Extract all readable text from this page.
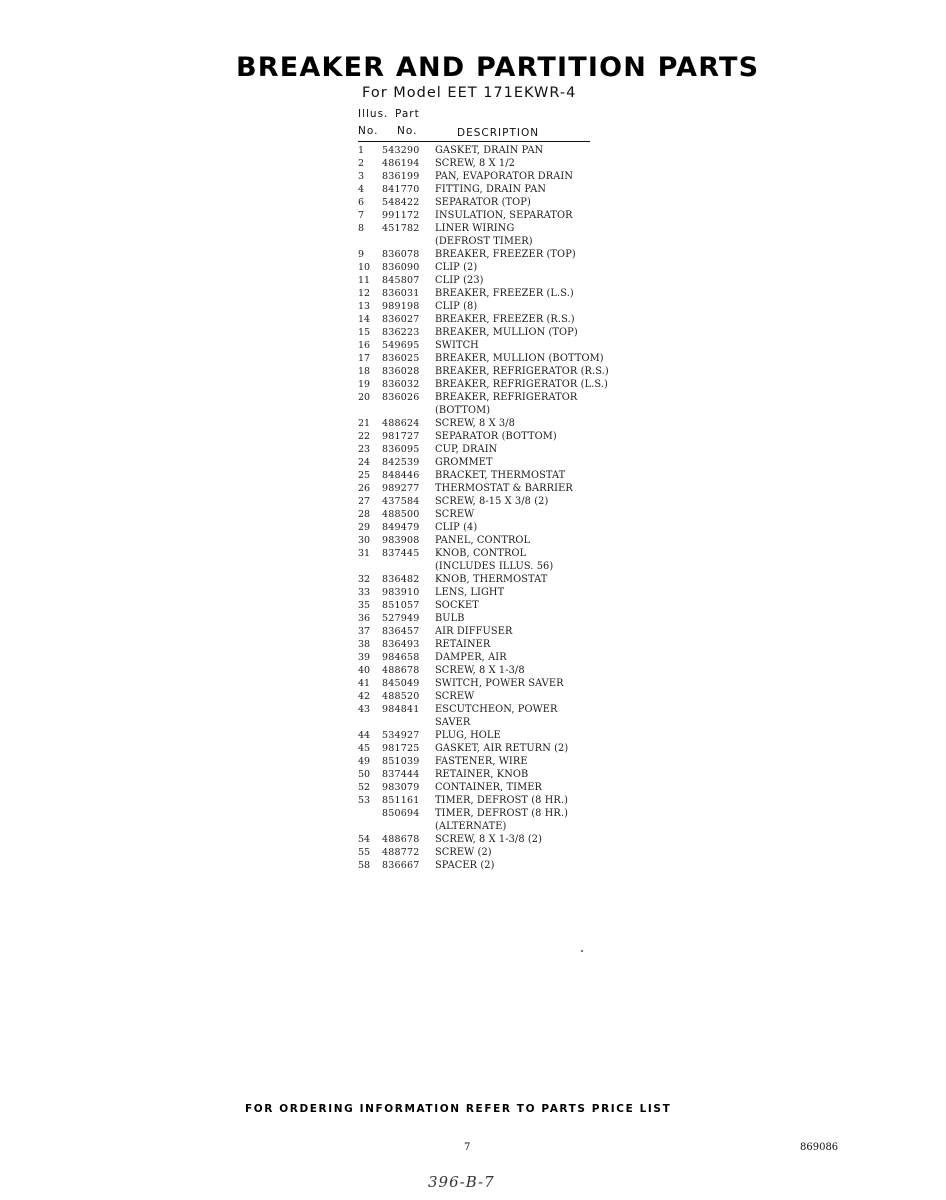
BREAKER AND PARTITION PARTS
For Model EET 171EKWR-4
Illus. Part
No. No.	DESCRIPTION
1	543290	GASKET, DRAIN PAN
2	486194	SCREW, 8 X 1/2
3	836199	PAN, EVAPORATOR DRAIN
4	841770	FITTING, DRAIN PAN
6	548422	SEPARATOR (TOP)
7	991172	INSULATION, SEPARATOR
8	451782	LINER WIRING
(DEFROST TIMER)
9	836078	BREAKER, FREEZER (TOP)
10	836090	CLIP (2)
11	845807	CLIP (23)
12	836031	BREAKER, FREEZER (L.S.)
13	989198	CLIP (8)
14	836027	BREAKER, FREEZER (R.S.)
15	836223	BREAKER, MULLION (TOP)
16	549695	SWITCH
17	836025	BREAKER, MULLION (BOTTOM)
18	836028	BREAKER, REFRIGERATOR (R.S.)
19	836032	BREAKER, REFRIGERATOR (L.S.)
20	836026	BREAKER, REFRIGERATOR
(BOTTOM)
21	488624	SCREW, 8 X 3/8
22	981727	SEPARATOR (BOTTOM)
23	836095	CUP, DRAIN
24	842539	GROMMET
25	848446	BRACKET, THERMOSTAT
26	989277	THERMOSTAT & BARRIER
27	437584	SCREW, 8-15 X 3/8 (2)
28	488500	SCREW
29	849479	CLIP (4)
30	983908	PANEL, CONTROL
31	837445	KNOB, CONTROL
(INCLUDES ILLUS. 56)
32	836482	KNOB, THERMOSTAT
33	983910	LENS, LIGHT
35	851057	SOCKET
36	527949	BULB
37	836457	AIR DIFFUSER
38	836493	RETAINER
39	984658	DAMPER, AIR
40	488678	SCREW, 8 X 1-3/8
41	845049	SWITCH, POWER SAVER
42	488520	SCREW
43	984841	ESCUTCHEON, POWER
SAVER
44	534927	PLUG, HOLE
45	981725	GASKET, AIR RETURN (2)
49	851039	FASTENER, WIRE
50	837444	RETAINER, KNOB
52	983079	CONTAINER, TIMER
53	851161	TIMER, DEFROST (8 HR.)
850694	TIMER, DEFROST (8 HR.)
(ALTERNATE)
54	488678	SCREW, 8 X 1-3/8 (2)
55	488772	SCREW (2)
58	836667	SPACER (2)
FOR ORDERING INFORMATION REFER TO PARTS PRICE LIST
7	869086
396-B-7
